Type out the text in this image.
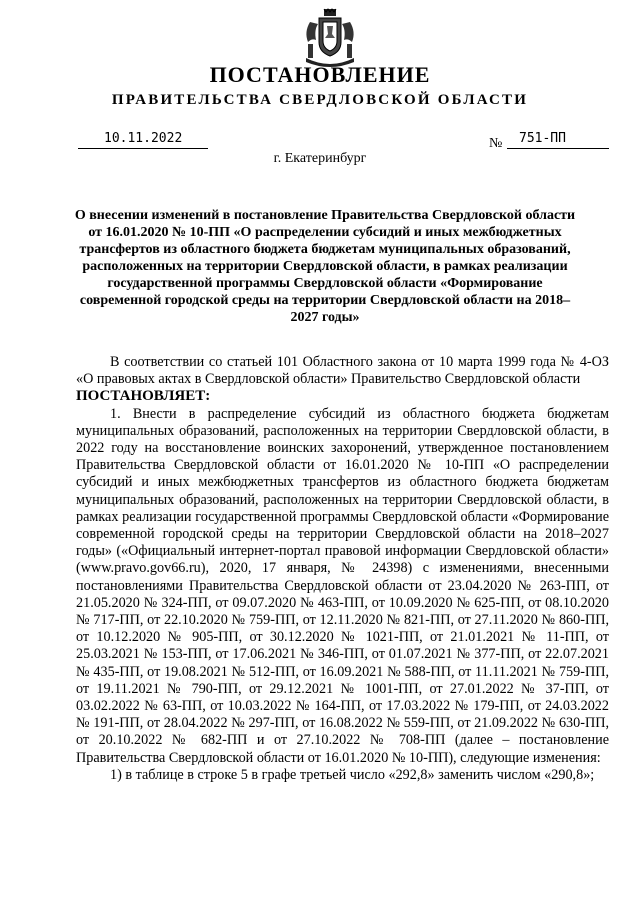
ПОСТАНОВЛЕНИЕ
ПРАВИТЕЛЬСТВА СВЕРДЛОВСКОЙ ОБЛАСТИ
10.11.2022	№	751-ПП
г. Екатеринбург
О внесении изменений в постановление Правительства Свердловской области от 16.01.2020 № 10-ПП «О распределении субсидий и иных межбюджетных трансфертов из областного бюджета бюджетам муниципальных образований, расположенных на территории Свердловской области, в рамках реализации государственной программы Свердловской области «Формирование современной городской среды на территории Свердловской области на 2018–2027 годы»

В соответствии со статьей 101 Областного закона от 10 марта 1999 года № 4-ОЗ «О правовых актах в Свердловской области» Правительство Свердловской области

ПОСТАНОВЛЯЕТ:

1. Внести в распределение субсидий из областного бюджета бюджетам муниципальных образований, расположенных на территории Свердловской области, в 2022 году на восстановление воинских захоронений, утвержденное постановлением Правительства Свердловской области от 16.01.2020 № 10-ПП «О распределении субсидий и иных межбюджетных трансфертов из областного бюджета бюджетам муниципальных образований, расположенных на территории Свердловской области, в рамках реализации государственной программы Свердловской области «Формирование современной городской среды на территории Свердловской области на 2018–2027 годы» («Официальный интернет-портал правовой информации Свердловской области» (www.pravo.gov66.ru), 2020, 17 января, № 24398) с изменениями, внесенными постановлениями Правительства Свердловской области от 23.04.2020 № 263-ПП, от 21.05.2020 № 324-ПП, от 09.07.2020 № 463-ПП, от 10.09.2020 № 625-ПП, от 08.10.2020 № 717-ПП, от 22.10.2020 № 759-ПП, от 12.11.2020 № 821-ПП, от 27.11.2020 № 860-ПП, от 10.12.2020 № 905-ПП, от 30.12.2020 № 1021-ПП, от 21.01.2021 № 11-ПП, от 25.03.2021 № 153-ПП, от 17.06.2021 № 346-ПП, от 01.07.2021 № 377-ПП, от 22.07.2021 № 435-ПП, от 19.08.2021 № 512-ПП, от 16.09.2021 № 588-ПП, от 11.11.2021 № 759-ПП, от 19.11.2021 № 790-ПП, от 29.12.2021 № 1001-ПП, от 27.01.2022 № 37-ПП, от 03.02.2022 № 63-ПП, от 10.03.2022 № 164-ПП, от 17.03.2022 № 179-ПП, от 24.03.2022 № 191-ПП, от 28.04.2022 № 297-ПП, от 16.08.2022 № 559-ПП, от 21.09.2022 № 630-ПП, от 20.10.2022 № 682-ПП и от 27.10.2022 № 708-ПП (далее – постановление Правительства Свердловской области от 16.01.2020 № 10-ПП), следующие изменения:

1) в таблице в строке 5 в графе третьей число «292,8» заменить числом «290,8»;
